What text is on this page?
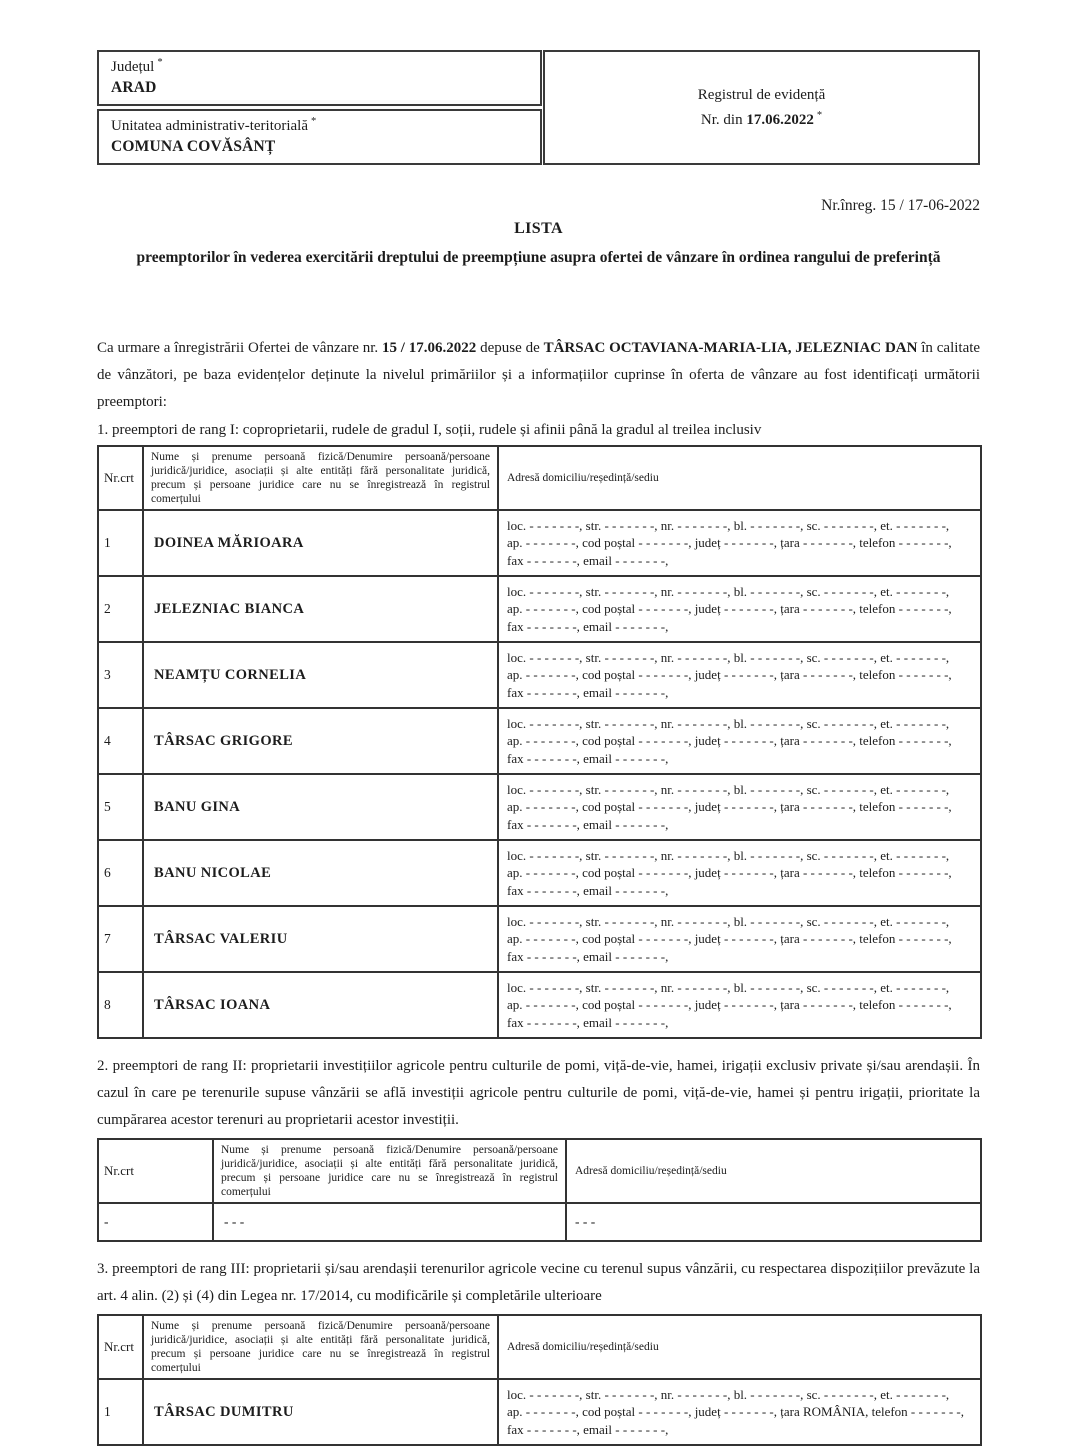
Județul *
ARAD
Unitatea administrativ-teritorială *
COMUNA COVĂSÂNȚ
Registrul de evidență
Nr. din 17.06.2022 *
Nr.înreg. 15 / 17-06-2022
LISTA
preemptorilor în vederea exercitării dreptului de preempțiune asupra ofertei de vânzare în ordinea rangului de preferință
Ca urmare a înregistrării Ofertei de vânzare nr. 15 / 17.06.2022 depuse de TÂRSAC OCTAVIANA-MARIA-LIA, JELEZNIAC DAN în calitate de vânzători, pe baza evidențelor deținute la nivelul primăriilor și a informațiilor cuprinse în oferta de vânzare au fost identificați următorii preemptori:
1. preemptori de rang I: coproprietarii, rudele de gradul I, soții, rudele și afinii până la gradul al treilea inclusiv
Nr.crt	Nume și prenume persoană fizică/Denumire persoană/persoane juridică/juridice, asociații și alte entități fără personalitate juridică, precum și persoane juridice care nu se înregistrează în registrul comerțului	Adresă domiciliu/reședință/sediu
1	DOINEA MĂRIOARA	loc. - - - - - - -, str. - - - - - - -, nr. - - - - - - -, bl. - - - - - - -, sc. - - - - - - -, et. - - - - - - -,
ap. - - - - - - -, cod poștal - - - - - - -, județ - - - - - - -, țara - - - - - - -, telefon - - - - - - -,
fax - - - - - - -, email - - - - - - -,

2	JELEZNIAC BIANCA	loc. - - - - - - -, str. - - - - - - -, nr. - - - - - - -, bl. - - - - - - -, sc. - - - - - - -, et. - - - - - - -,
ap. - - - - - - -, cod poștal - - - - - - -, județ - - - - - - -, țara - - - - - - -, telefon - - - - - - -,
fax - - - - - - -, email - - - - - - -,

3	NEAMȚU CORNELIA	loc. - - - - - - -, str. - - - - - - -, nr. - - - - - - -, bl. - - - - - - -, sc. - - - - - - -, et. - - - - - - -,
ap. - - - - - - -, cod poștal - - - - - - -, județ - - - - - - -, țara - - - - - - -, telefon - - - - - - -,
fax - - - - - - -, email - - - - - - -,

4	TÂRSAC GRIGORE	loc. - - - - - - -, str. - - - - - - -, nr. - - - - - - -, bl. - - - - - - -, sc. - - - - - - -, et. - - - - - - -,
ap. - - - - - - -, cod poștal - - - - - - -, județ - - - - - - -, țara - - - - - - -, telefon - - - - - - -,
fax - - - - - - -, email - - - - - - -,

5	BANU GINA	loc. - - - - - - -, str. - - - - - - -, nr. - - - - - - -, bl. - - - - - - -, sc. - - - - - - -, et. - - - - - - -,
ap. - - - - - - -, cod poștal - - - - - - -, județ - - - - - - -, țara - - - - - - -, telefon - - - - - - -,
fax - - - - - - -, email - - - - - - -,

6	BANU NICOLAE	loc. - - - - - - -, str. - - - - - - -, nr. - - - - - - -, bl. - - - - - - -, sc. - - - - - - -, et. - - - - - - -,
ap. - - - - - - -, cod poștal - - - - - - -, județ - - - - - - -, țara - - - - - - -, telefon - - - - - - -,
fax - - - - - - -, email - - - - - - -,

7	TÂRSAC VALERIU	loc. - - - - - - -, str. - - - - - - -, nr. - - - - - - -, bl. - - - - - - -, sc. - - - - - - -, et. - - - - - - -,
ap. - - - - - - -, cod poștal - - - - - - -, județ - - - - - - -, țara - - - - - - -, telefon - - - - - - -,
fax - - - - - - -, email - - - - - - -,

8	TÂRSAC IOANA	loc. - - - - - - -, str. - - - - - - -, nr. - - - - - - -, bl. - - - - - - -, sc. - - - - - - -, et. - - - - - - -,
ap. - - - - - - -, cod poștal - - - - - - -, județ - - - - - - -, țara - - - - - - -, telefon - - - - - - -,
fax - - - - - - -, email - - - - - - -,
2. preemptori de rang II: proprietarii investițiilor agricole pentru culturile de pomi, viță-de-vie, hamei, irigații exclusiv private și/sau arendașii. În cazul în care pe terenurile supuse vânzării se află investiții agricole pentru culturile de pomi, viță-de-vie, hamei și pentru irigații, prioritate la cumpărarea acestor terenuri au proprietarii acestor investiții.
Nr.crt	Nume și prenume persoană fizică/Denumire persoană/persoane juridică/juridice, asociații și alte entități fără personalitate juridică, precum și persoane juridice care nu se înregistrează în registrul comerțului	Adresă domiciliu/reședință/sediu
-	- - -	- - -
3. preemptori de rang III: proprietarii și/sau arendașii terenurilor agricole vecine cu terenul supus vânzării, cu respectarea dispozițiilor prevăzute la art. 4 alin. (2) și (4) din Legea nr. 17/2014, cu modificările și completările ulterioare
Nr.crt	Nume și prenume persoană fizică/Denumire persoană/persoane juridică/juridice, asociații și alte entități fără personalitate juridică, precum și persoane juridice care nu se înregistrează în registrul comerțului	Adresă domiciliu/reședință/sediu
1	TÂRSAC DUMITRU	loc. - - - - - - -, str. - - - - - - -, nr. - - - - - - -, bl. - - - - - - -, sc. - - - - - - -, et. - - - - - - -,
ap. - - - - - - -, cod poștal - - - - - - -, județ - - - - - - -, țara ROMÂNIA, telefon - - - - - - -,
fax - - - - - - -, email - - - - - - -,
